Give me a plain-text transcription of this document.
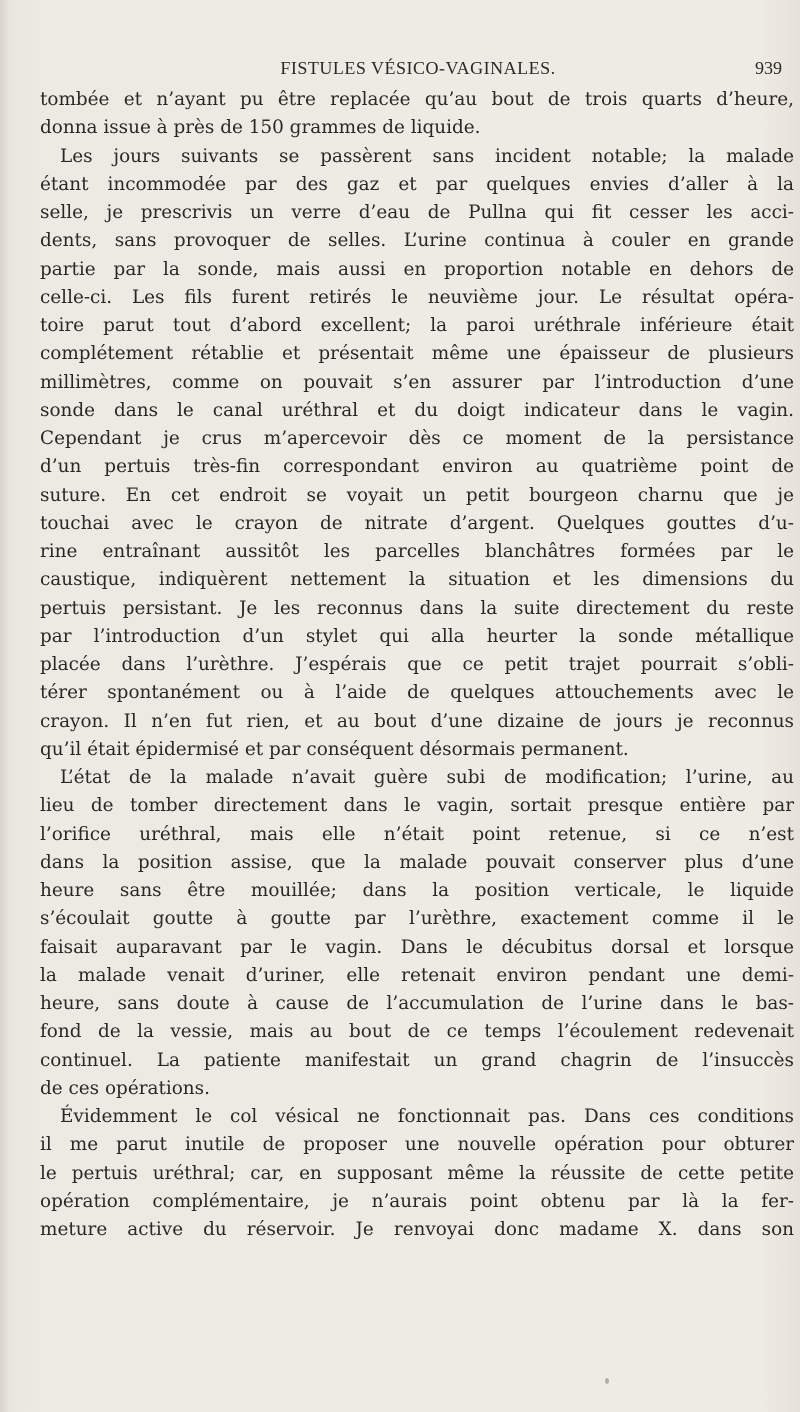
FISTULES VÉSICO-VAGINALES.	939
tombée et n’ayant pu être replacée qu’au bout de trois quarts d’heure,
donna issue à près de 150 grammes de liquide.
Les jours suivants se passèrent sans incident notable; la malade
étant incommodée par des gaz et par quelques envies d’aller à la
selle, je prescrivis un verre d’eau de Pullna qui fit cesser les acci-
dents, sans provoquer de selles. L’urine continua à couler en grande
partie par la sonde, mais aussi en proportion notable en dehors de
celle-ci. Les fils furent retirés le neuvième jour. Le résultat opéra-
toire parut tout d’abord excellent; la paroi uréthrale inférieure était
complétement rétablie et présentait même une épaisseur de plusieurs
millimètres, comme on pouvait s’en assurer par l’introduction d’une
sonde dans le canal uréthral et du doigt indicateur dans le vagin.
Cependant je crus m’apercevoir dès ce moment de la persistance
d’un pertuis très-fin correspondant environ au quatrième point de
suture. En cet endroit se voyait un petit bourgeon charnu que je
touchai avec le crayon de nitrate d’argent. Quelques gouttes d’u-
rine entraînant aussitôt les parcelles blanchâtres formées par le
caustique, indiquèrent nettement la situation et les dimensions du
pertuis persistant. Je les reconnus dans la suite directement du reste
par l’introduction d’un stylet qui alla heurter la sonde métallique
placée dans l’urèthre. J’espérais que ce petit trajet pourrait s’obli-
térer spontanément ou à l’aide de quelques attouchements avec le
crayon. Il n’en fut rien, et au bout d’une dizaine de jours je reconnus
qu’il était épidermisé et par conséquent désormais permanent.
L’état de la malade n’avait guère subi de modification; l’urine, au
lieu de tomber directement dans le vagin, sortait presque entière par
l’orifice uréthral, mais elle n’était point retenue, si ce n’est
dans la position assise, que la malade pouvait conserver plus d’une
heure sans être mouillée; dans la position verticale, le liquide
s’écoulait goutte à goutte par l’urèthre, exactement comme il le
faisait auparavant par le vagin. Dans le décubitus dorsal et lorsque
la malade venait d’uriner, elle retenait environ pendant une demi-
heure, sans doute à cause de l’accumulation de l’urine dans le bas-
fond de la vessie, mais au bout de ce temps l’écoulement redevenait
continuel. La patiente manifestait un grand chagrin de l’insuccès
de ces opérations.
Évidemment le col vésical ne fonctionnait pas. Dans ces conditions
il me parut inutile de proposer une nouvelle opération pour obturer
le pertuis uréthral; car, en supposant même la réussite de cette petite
opération complémentaire, je n’aurais point obtenu par là la fer-
meture active du réservoir. Je renvoyai donc madame X. dans son
